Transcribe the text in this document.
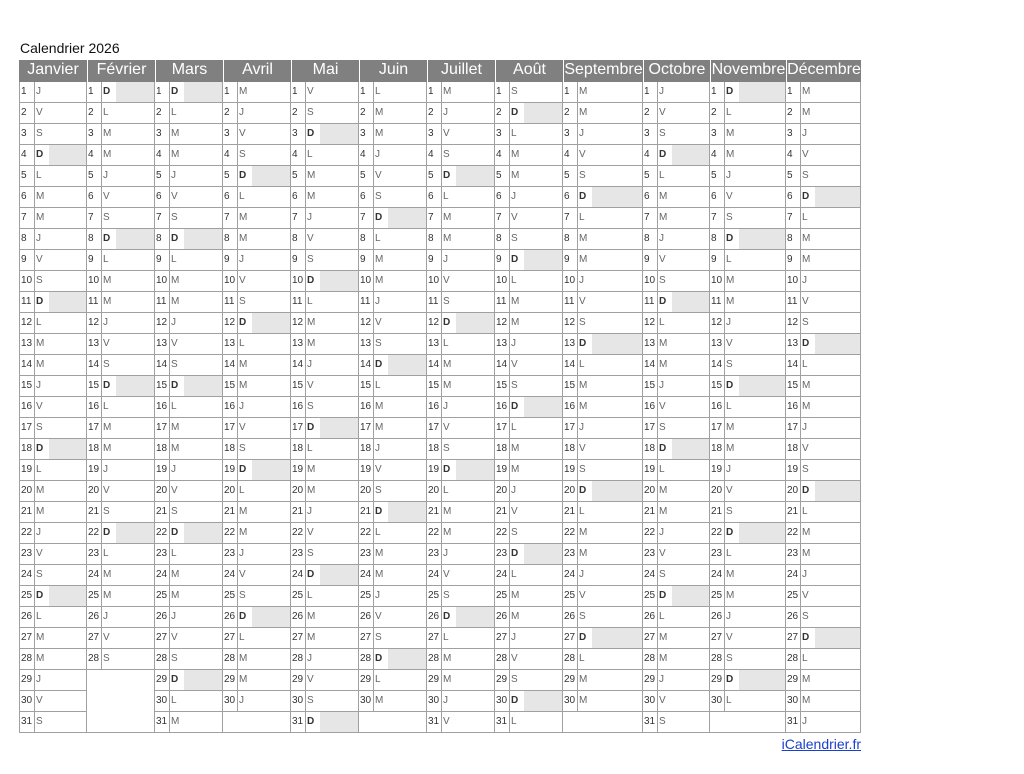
Calendrier 2026
Janvier
1 J
2 V
3 S
4 D
5 L
6 M
7 M
8 J
9 V
10 S
11 D
12 L
13 M
14 M
15 J
16 V
17 S
18 D
19 L
20 M
21 M
22 J
23 V
24 S
25 D
26 L
27 M
28 M
29 J
30 V
31 S
Février
1 D
2 L
3 M
4 M
5 J
6 V
7 S
8 D
9 L
10 M
11 M
12 J
13 V
14 S
15 D
16 L
17 M
18 M
19 J
20 V
21 S
22 D
23 L
24 M
25 M
26 J
27 V
28 S
Mars
1 D
2 L
3 M
4 M
5 J
6 V
7 S
8 D
9 L
10 M
11 M
12 J
13 V
14 S
15 D
16 L
17 M
18 M
19 J
20 V
21 S
22 D
23 L
24 M
25 M
26 J
27 V
28 S
29 D
30 L
31 M
Avril
1 M
2 J
3 V
4 S
5 D
6 L
7 M
8 M
9 J
10 V
11 S
12 D
13 L
14 M
15 M
16 J
17 V
18 S
19 D
20 L
21 M
22 M
23 J
24 V
25 S
26 D
27 L
28 M
29 M
30 J
Mai
1 V
2 S
3 D
4 L
5 M
6 M
7 J
8 V
9 S
10 D
11 L
12 M
13 M
14 J
15 V
16 S
17 D
18 L
19 M
20 M
21 J
22 V
23 S
24 D
25 L
26 M
27 M
28 J
29 V
30 S
31 D
Juin
1 L
2 M
3 M
4 J
5 V
6 S
7 D
8 L
9 M
10 M
11 J
12 V
13 S
14 D
15 L
16 M
17 M
18 J
19 V
20 S
21 D
22 L
23 M
24 M
25 J
26 V
27 S
28 D
29 L
30 M
Juillet
1 M
2 J
3 V
4 S
5 D
6 L
7 M
8 M
9 J
10 V
11 S
12 D
13 L
14 M
15 M
16 J
17 V
18 S
19 D
20 L
21 M
22 M
23 J
24 V
25 S
26 D
27 L
28 M
29 M
30 J
31 V
Août
1 S
2 D
3 L
4 M
5 M
6 J
7 V
8 S
9 D
10 L
11 M
12 M
13 J
14 V
15 S
16 D
17 L
18 M
19 M
20 J
21 V
22 S
23 D
24 L
25 M
26 M
27 J
28 V
29 S
30 D
31 L
Septembre
1 M
2 M
3 J
4 V
5 S
6 D
7 L
8 M
9 M
10 J
11 V
12 S
13 D
14 L
15 M
16 M
17 J
18 V
19 S
20 D
21 L
22 M
23 M
24 J
25 V
26 S
27 D
28 L
29 M
30 M
Octobre
1 J
2 V
3 S
4 D
5 L
6 M
7 M
8 J
9 V
10 S
11 D
12 L
13 M
14 M
15 J
16 V
17 S
18 D
19 L
20 M
21 M
22 J
23 V
24 S
25 D
26 L
27 M
28 M
29 J
30 V
31 S
Novembre
1 D
2 L
3 M
4 M
5 J
6 V
7 S
8 D
9 L
10 M
11 M
12 J
13 V
14 S
15 D
16 L
17 M
18 M
19 J
20 V
21 S
22 D
23 L
24 M
25 M
26 J
27 V
28 S
29 D
30 L
Décembre
1 M
2 M
3 J
4 V
5 S
6 D
7 L
8 M
9 M
10 J
11 V
12 S
13 D
14 L
15 M
16 M
17 J
18 V
19 S
20 D
21 L
22 M
23 M
24 J
25 V
26 S
27 D
28 L
29 M
30 M
31 J
iCalendrier.fr
